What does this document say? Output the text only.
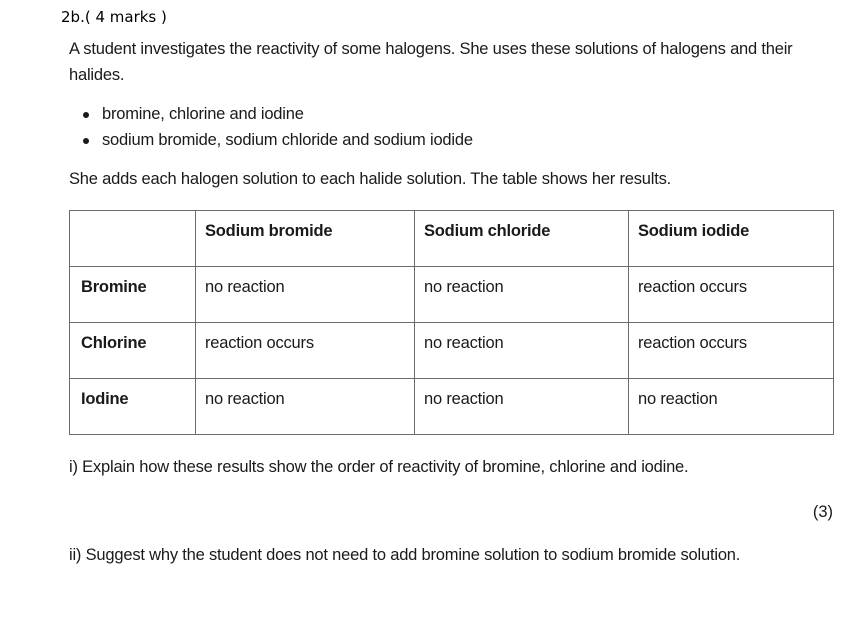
2b.( 4 marks )
A student investigates the reactivity of some halogens. She uses these solutions of halogens and their halides.
bromine, chlorine and iodine
sodium bromide, sodium chloride and sodium iodide
She adds each halogen solution to each halide solution. The table shows her results.
	Sodium bromide	Sodium chloride	Sodium iodide
Bromine	no reaction	no reaction	reaction occurs
Chlorine	reaction occurs	no reaction	reaction occurs
Iodine	no reaction	no reaction	no reaction
i) Explain how these results show the order of reactivity of bromine, chlorine and iodine.
(3)
ii) Suggest why the student does not need to add bromine solution to sodium bromide solution.
